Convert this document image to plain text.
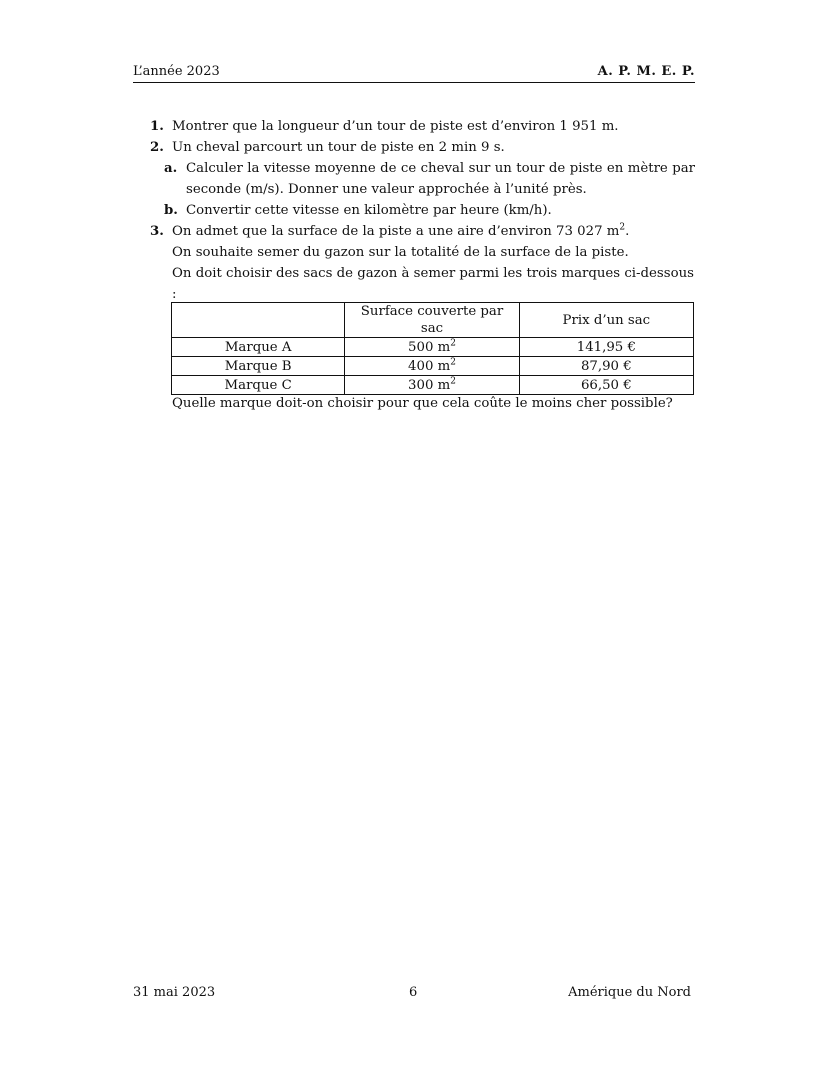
L’année 2023	A. P. M. E. P.
1. Montrer que la longueur d’un tour de piste est d’environ 1 951 m.
2. Un cheval parcourt un tour de piste en 2 min 9 s.
a. Calculer la vitesse moyenne de ce cheval sur un tour de piste en mètre par seconde (m/s). Donner une valeur approchée à l’unité près.
b. Convertir cette vitesse en kilomètre par heure (km/h).
3. On admet que la surface de la piste a une aire d’environ 73 027 $m^2$.
On souhaite semer du gazon sur la totalité de la surface de la piste.
On doit choisir des sacs de gazon à semer parmi les trois marques ci-dessous :
	Surface couverte par sac	Prix d’un sac
Marque A	500 $m^2$	141,95 €
Marque B	400 $m^2$	87,90 €
Marque C	300 $m^2$	66,50 €
Quelle marque doit-on choisir pour que cela coûte le moins cher possible?
31 mai 2023	6	Amérique du Nord
